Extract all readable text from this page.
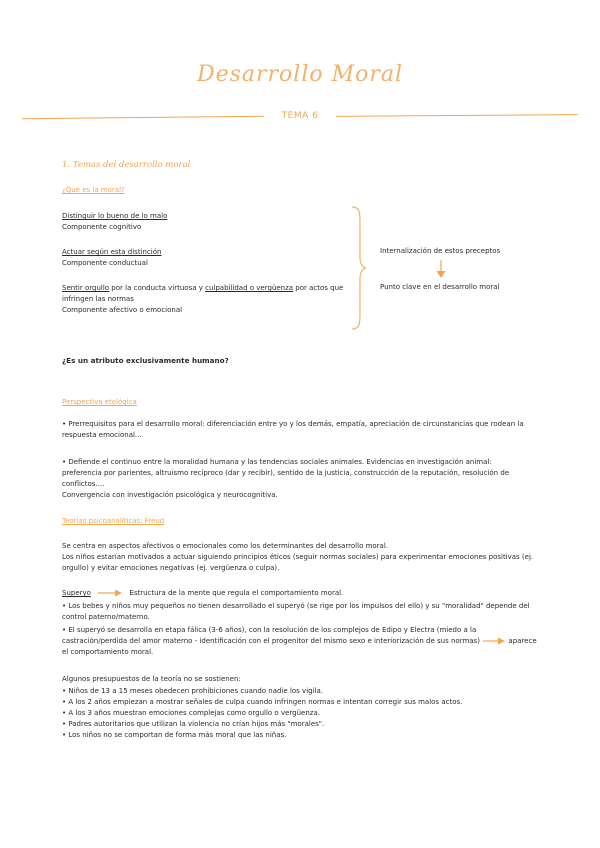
Desarrollo Moral
TEMA 6
1. Temas del desarrollo moral
¿Qué es la moral?
Distinguir lo bueno de lo malo
Componente cognitivo
Actuar según esta distinción
Componente conductual
Sentir orgullo por la conducta virtuosa y culpabilidad o vergüenza por actos que
infringen las normas
Componente afectivo o emocional
Internalización de estos preceptos
Punto clave en el desarrollo moral
¿Es un atributo exclusivamente humano?
Perspectiva etológica
• Prerrequisitos para el desarrollo moral: diferenciación entre yo y los demás, empatía, apreciación de circunstancias que rodean la
respuesta emocional...
• Defiende el continuo entre la moralidad humana y las tendencias sociales animales. Evidencias en investigación animal:
preferencia por parientes, altruismo recíproco (dar y recibir), sentido de la justicia, construcción de la reputación, resolución de
conflictos....
Convergencia con investigación psicológica y neurocognitiva.
Teorías psicoanalíticas: Freud
Se centra en aspectos afectivos o emocionales como los determinantes del desarrollo moral.
Los niños estarían motivados a actuar siguiendo principios éticos (seguir normas sociales) para experimentar emociones positivas (ej.
orgullo) y evitar emociones negativas (ej. vergüenza o culpa).
Superyo	Estructura de la mente que regula el comportamiento moral.
• Los bebes y niños muy pequeños no tienen desarrollado el superyó (se rige por los impulsos del ello) y su "moralidad" depende del
control paterno/materno.
• El superyó se desarrolla en etapa fálica (3-6 años), con la resolución de los complejos de Edipo y Electra (miedo a la
castración/perdida del amor materno - identificación con el progenitor del mismo sexo e interiorización de sus normas)	aparece
el comportamiento moral.
Algunos presupuestos de la teoría no se sostienen:
• Niños de 13 a 15 meses obedecen prohibiciones cuando nadie los vigila.
• A los 2 años empiezan a mostrar señales de culpa cuando infringen normas e intentan corregir sus malos actos.
• A los 3 años muestran emociones complejas como orgullo o vergüenza.
• Padres autoritarios que utilizan la violencia no crían hijos más "morales".
• Los niños no se comportan de forma más moral que las niñas.
